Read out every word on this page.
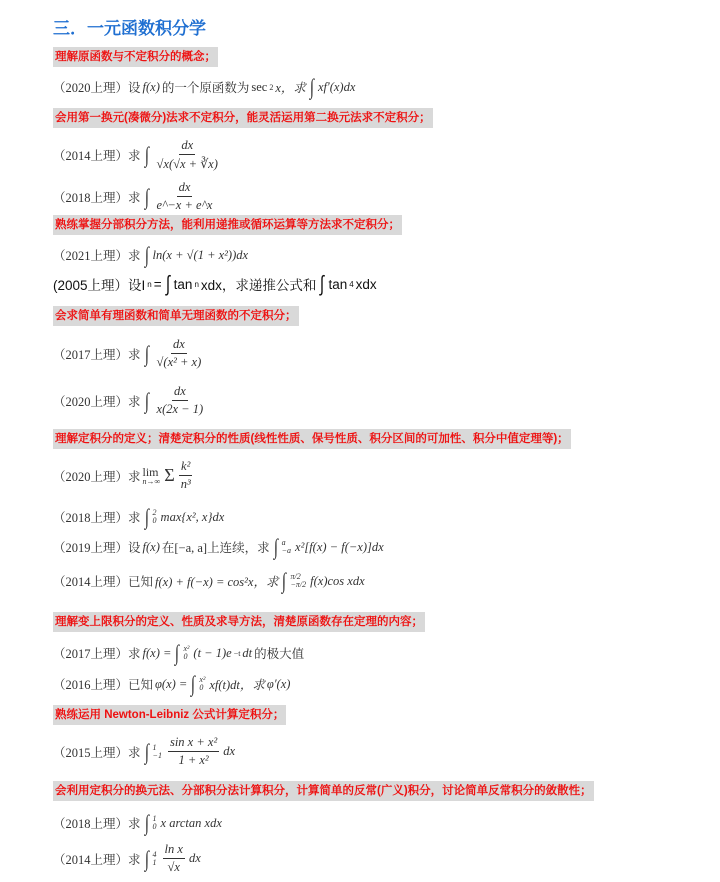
三．一元函数积分学
理解原函数与不定积分的概念；
（2020上理）设 f(x) 的一个原函数为 sec 2 x，求 ∫ xf′(x)dx
会用第一换元(凑微分)法求不定积分，能灵活运用第二换元法求不定积分；
（2014上理）求 ∫ $\frac{dx}{√x(√x + ∛x)}$
（2018上理）求 ∫ $\frac{dx}{e\^{}-x + e\^{}x}$
熟练掌握分部积分方法，能利用递推或循环运算等方法求不定积分；
（2021上理）求 ∫ ln(x + √(1 + x²))dx
(2005上理）设I n = ∫ tan n xdx，求递推公式和 ∫ tan 4 xdx
会求简单有理函数和简单无理函数的不定积分；
（2017上理）求 ∫ $\frac{dx}{\text{√(x² + x)}}$
（2020上理）求 ∫ $\frac{dx}{x(2x - 1)}$
理解定积分的定义；清楚定积分的性质(线性性质、保号性质、积分区间的可加性、积分中值定理等)；
（2020上理）求 lim
n→∞ Σ $\frac{\text{k²}}{\text{n³}}$
（2018上理）求 ∫ 2
0 max{x², x}dx
（2019上理）设 f(x) 在[−a, a]上连续，求 ∫ a
−a x²[f(x) − f(−x)]dx
（2014上理）已知 f(x) + f(−x) = cos²x，求 ∫ π/2
−π/2 f(x)cos xdx
理解变上限积分的定义、性质及求导方法，清楚原函数存在定理的内容；
（2017上理）求 f(x) = ∫ x²
0 (t − 1)e −t dt 的极大值
（2016上理）已知 φ(x) = ∫ x²
0 xf(t)dt，求 φ′(x)
熟练运用 Newton-Leibniz 公式计算定积分；
（2015上理）求 ∫ 1
$-1 \frac{\text{sin x + x²}}{\text{1 + x²}}$ dx
会利用定积分的换元法、分部积分法计算积分，计算简单的反常(广义)积分，讨论简单反常积分的敛散性；
（2018上理）求 ∫ 1
0 x arctan xdx
（2014上理）求 ∫ 4
$1 \frac{\text{ln x}}{√x}$ dx
